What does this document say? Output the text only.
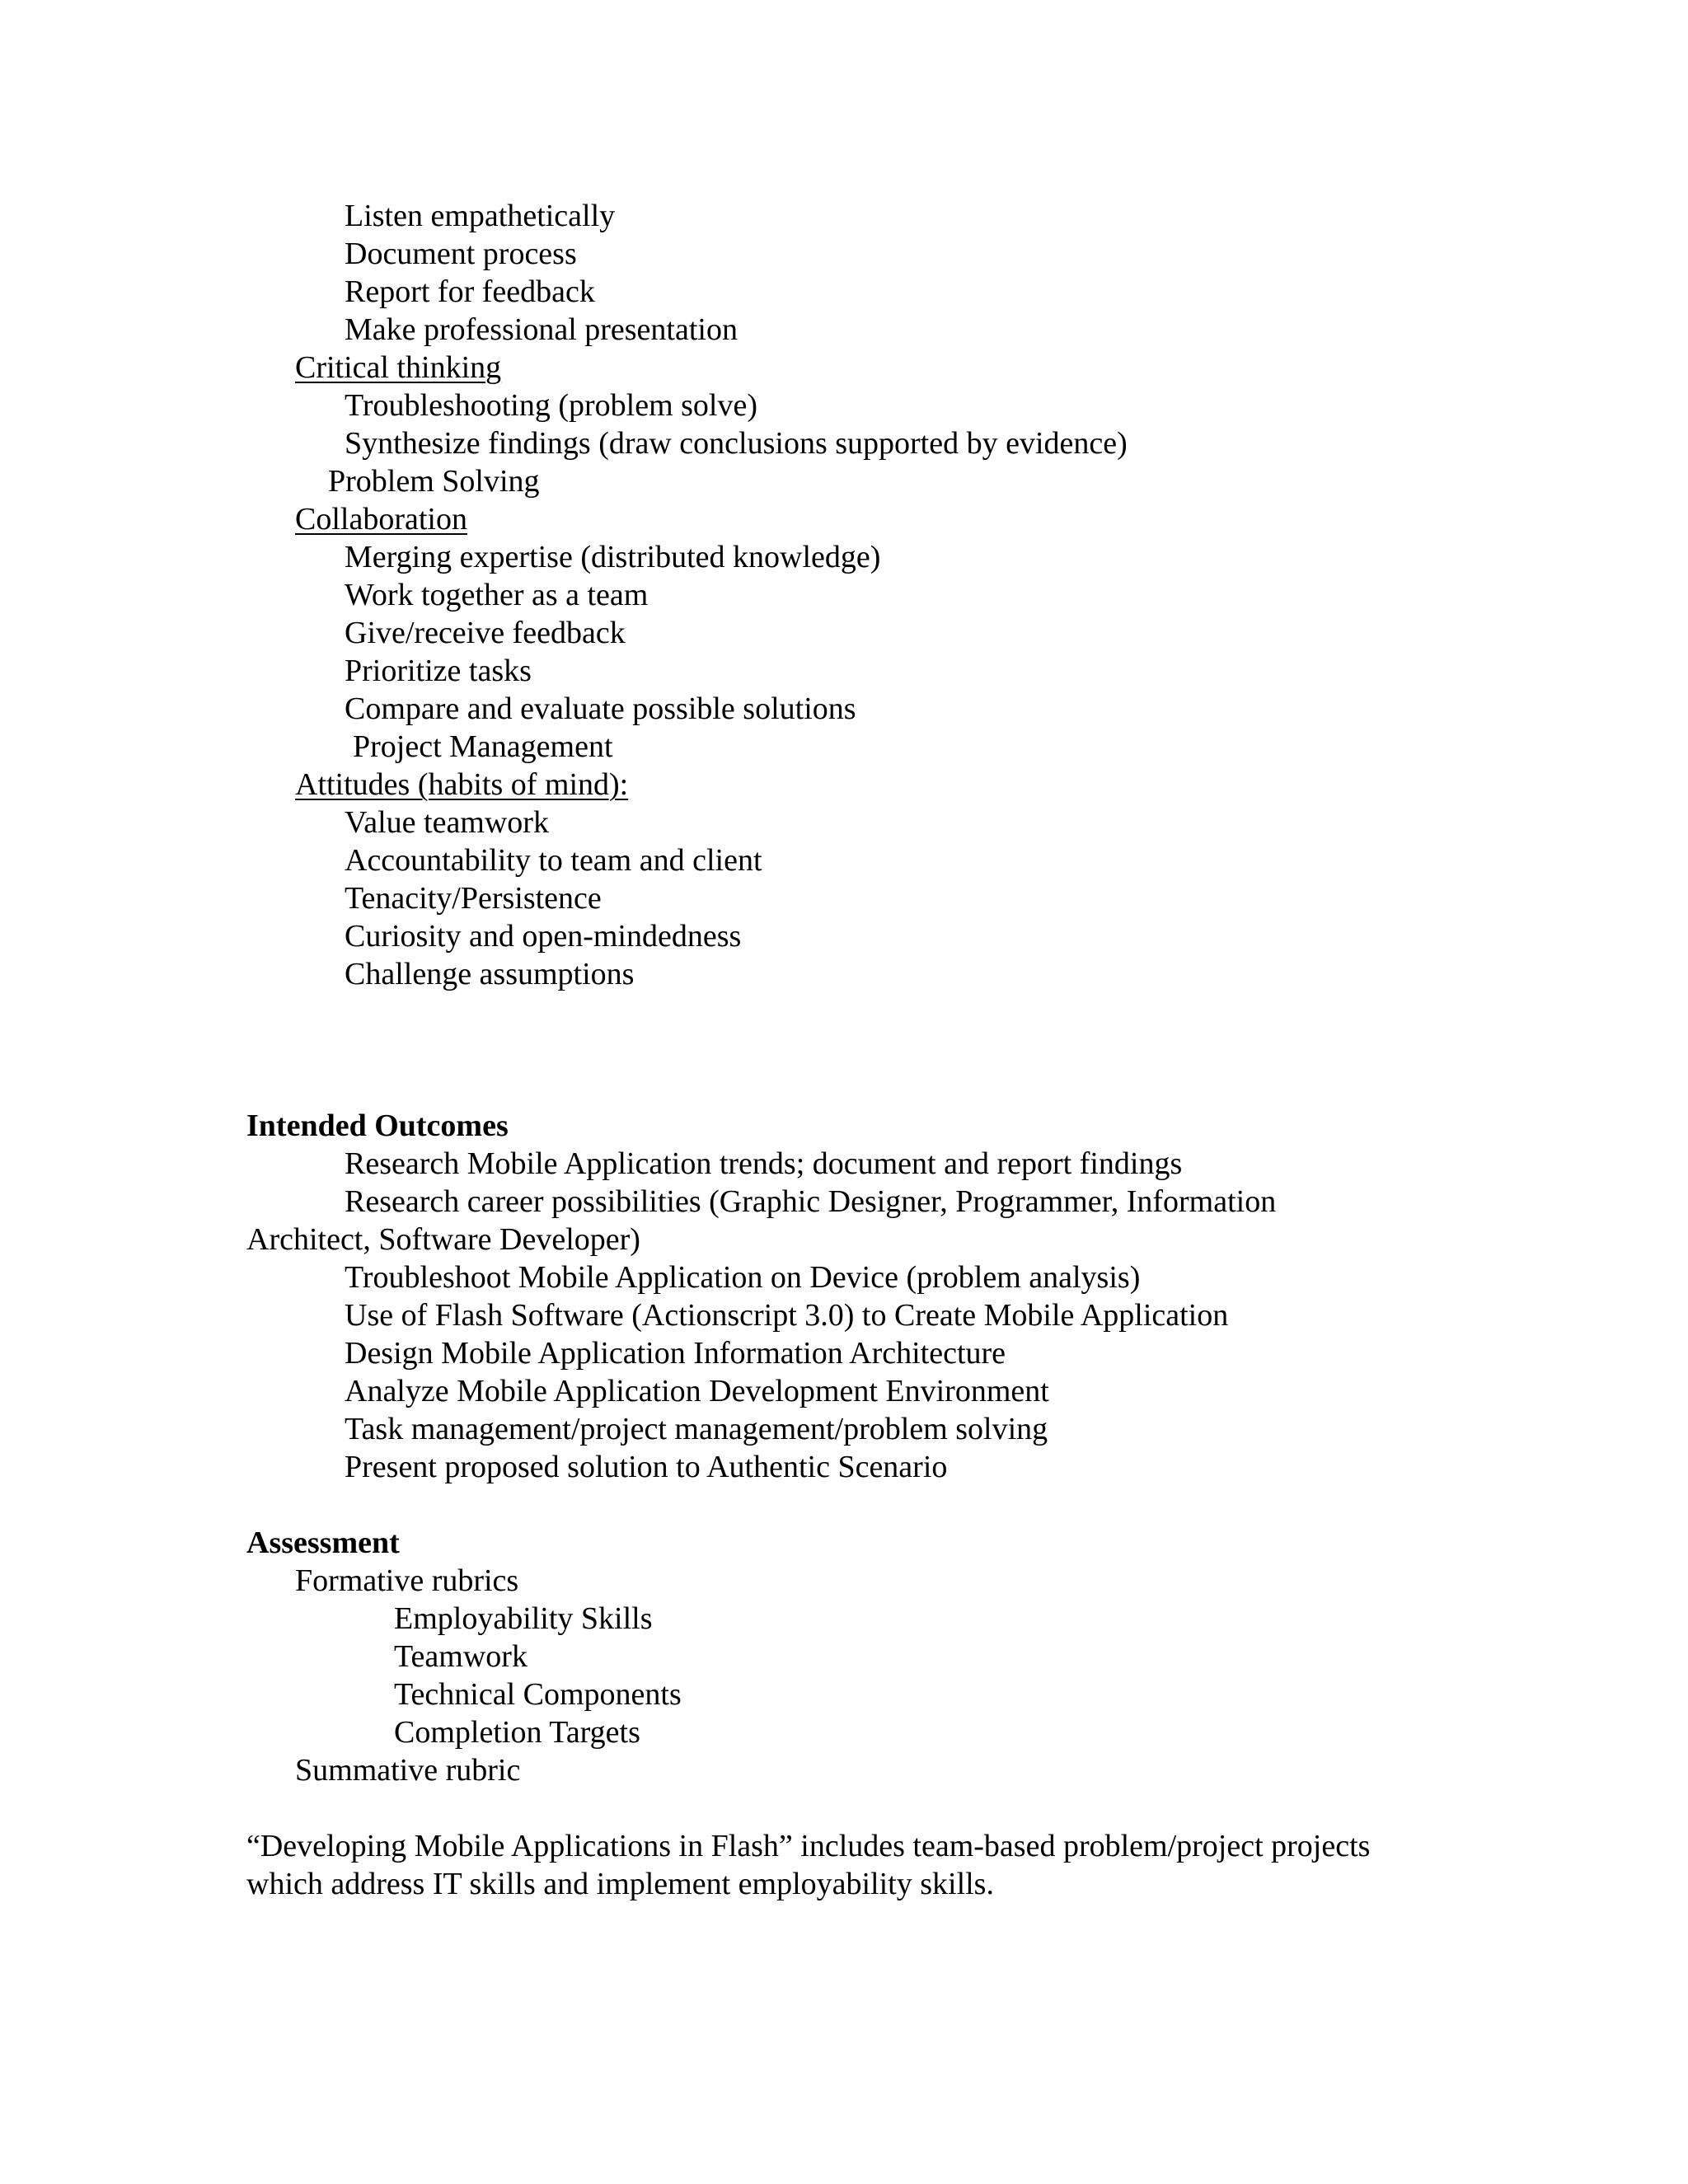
Listen empathetically
Document process
Report for feedback
Make professional presentation
Critical thinking
Troubleshooting (problem solve)
Synthesize findings (draw conclusions supported by evidence)
Problem Solving
Collaboration
Merging expertise (distributed knowledge)
Work together as a team
Give/receive feedback
Prioritize tasks
Compare and evaluate possible solutions
Project Management
Attitudes (habits of mind):
Value teamwork
Accountability to team and client
Tenacity/Persistence
Curiosity and open-mindedness
Challenge assumptions
Intended Outcomes
Research Mobile Application trends; document and report findings
Research career possibilities (Graphic Designer, Programmer, Information
Architect, Software Developer)
Troubleshoot Mobile Application on Device (problem analysis)
Use of Flash Software (Actionscript 3.0) to Create Mobile Application
Design Mobile Application Information Architecture
Analyze Mobile Application Development Environment
Task management/project management/problem solving
Present proposed solution to Authentic Scenario
Assessment
Formative rubrics
Employability Skills
Teamwork
Technical Components
Completion Targets
Summative rubric
“Developing Mobile Applications in Flash” includes team-based problem/project projects
which address IT skills and implement employability skills.
